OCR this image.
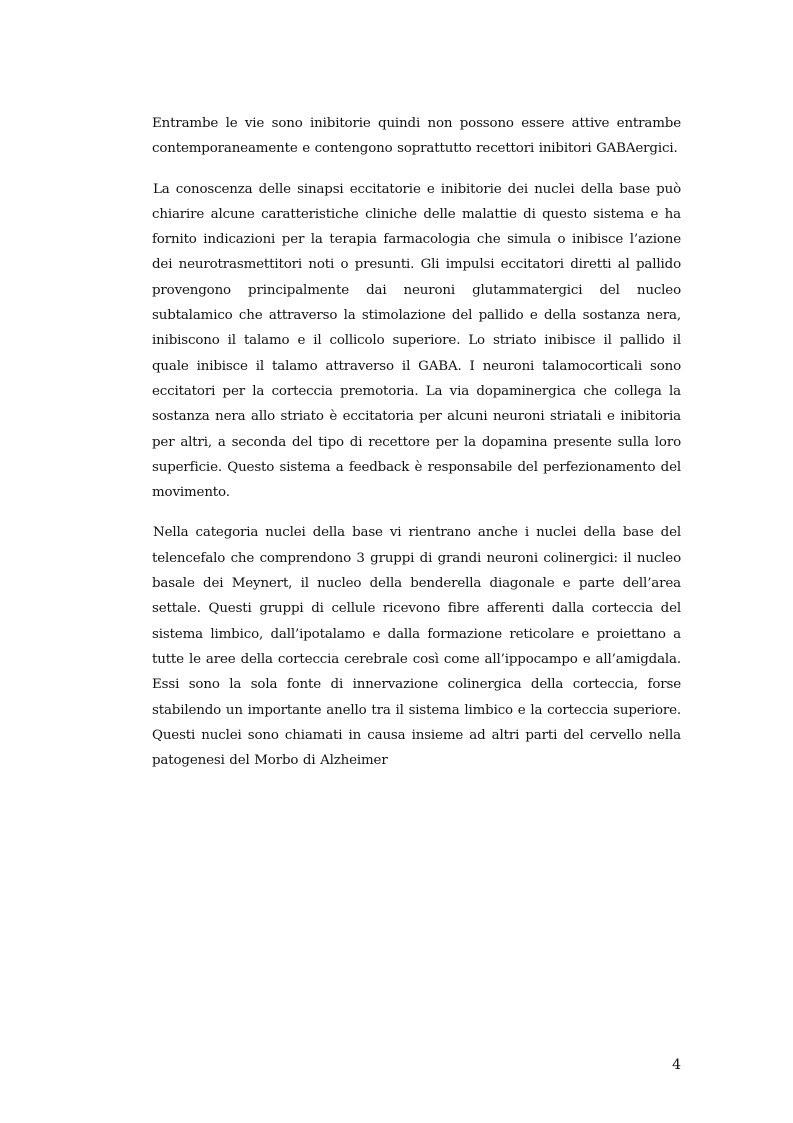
Entrambe le vie sono inibitorie quindi non possono essere attive entrambe contemporaneamente e contengono soprattutto recettori inibitori GABAergici.

La conoscenza delle sinapsi eccitatorie e inibitorie dei nuclei della base può chiarire alcune caratteristiche cliniche delle malattie di questo sistema e ha fornito indicazioni per la terapia farmacologia che simula o inibisce l’azione dei neurotrasmettitori noti o presunti. Gli impulsi eccitatori diretti al pallido provengono principalmente dai neuroni glutammatergici del nucleo subtalamico che attraverso la stimolazione del pallido e della sostanza nera, inibiscono il talamo e il collicolo superiore. Lo striato inibisce il pallido il quale inibisce il talamo attraverso il GABA. I neuroni talamocorticali sono eccitatori per la corteccia premotoria. La via dopaminergica che collega la sostanza nera allo striato è eccitatoria per alcuni neuroni striatali e inibitoria per altri, a seconda del tipo di recettore per la dopamina presente sulla loro superficie. Questo sistema a feedback è responsabile del perfezionamento del movimento.

Nella categoria nuclei della base vi rientrano anche i nuclei della base del telencefalo che comprendono 3 gruppi di grandi neuroni colinergici: il nucleo basale dei Meynert, il nucleo della benderella diagonale e parte dell’area settale. Questi gruppi di cellule ricevono fibre afferenti dalla corteccia del sistema limbico, dall’ipotalamo e dalla formazione reticolare e proiettano a tutte le aree della corteccia cerebrale così come all’ippocampo e all’amigdala. Essi sono la sola fonte di innervazione colinergica della corteccia, forse stabilendo un importante anello tra il sistema limbico e la corteccia superiore. Questi nuclei sono chiamati in causa insieme ad altri parti del cervello nella patogenesi del Morbo di Alzheimer

4
